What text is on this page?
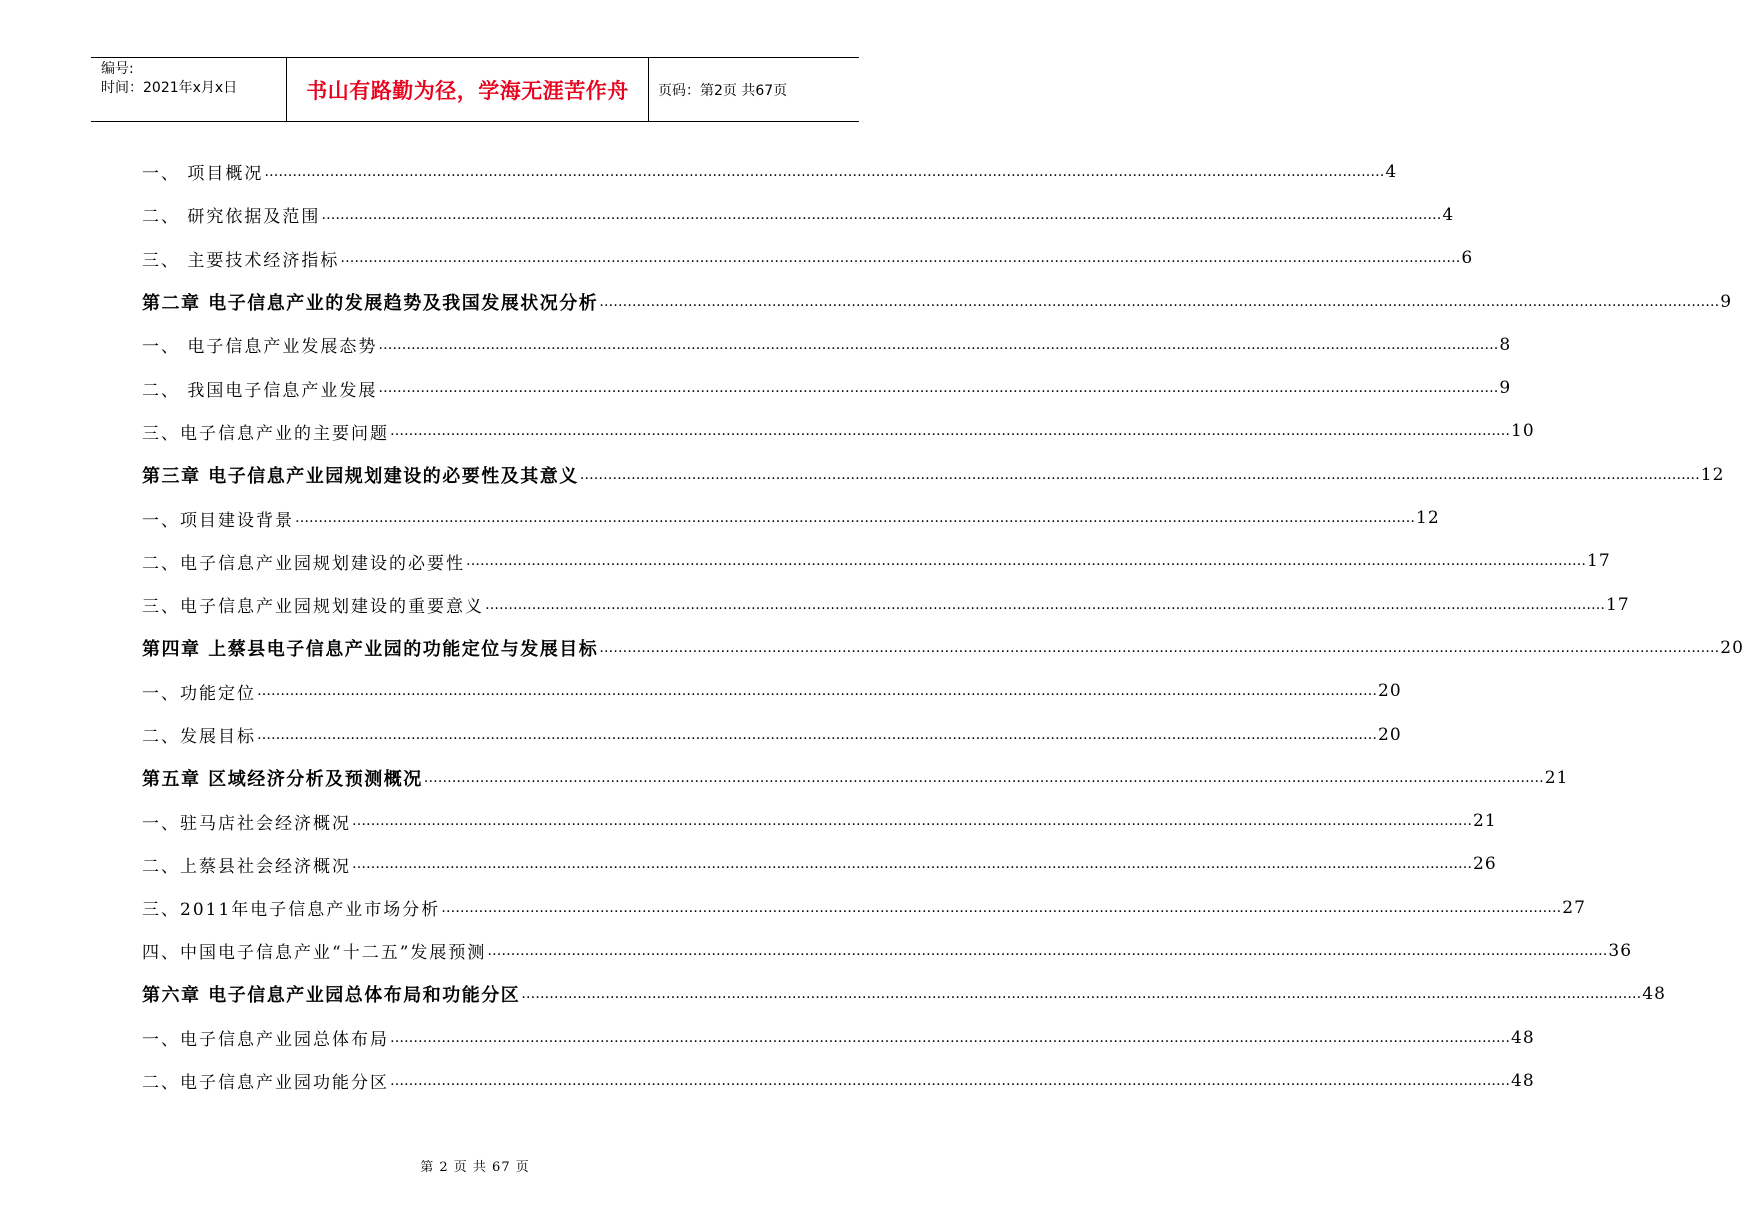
编号:
时间：2021年x月x日	书山有路勤为径，学海无涯苦作舟	页码：第2页 共67页
一、 项目概况 …………………………………………………………………………………………………………………………………………………………………………………………………………………… 4
二、 研究依据及范围 …………………………………………………………………………………………………………………………………………………………………………………………………………………… 4
三、 主要技术经济指标 …………………………………………………………………………………………………………………………………………………………………………………………………………………… 6
第二章 电子信息产业的发展趋势及我国发展状况分析 …………………………………………………………………………………………………………………………………………………………………………………………………………………… 9
一、 电子信息产业发展态势 …………………………………………………………………………………………………………………………………………………………………………………………………………………… 8
二、 我国电子信息产业发展 …………………………………………………………………………………………………………………………………………………………………………………………………………………… 9
三、电子信息产业的主要问题 …………………………………………………………………………………………………………………………………………………………………………………………………………………… 10
第三章 电子信息产业园规划建设的必要性及其意义 …………………………………………………………………………………………………………………………………………………………………………………………………………………… 12
一、项目建设背景 …………………………………………………………………………………………………………………………………………………………………………………………………………………… 12
二、电子信息产业园规划建设的必要性 …………………………………………………………………………………………………………………………………………………………………………………………………………………… 17
三、电子信息产业园规划建设的重要意义 …………………………………………………………………………………………………………………………………………………………………………………………………………………… 17
第四章 上蔡县电子信息产业园的功能定位与发展目标 …………………………………………………………………………………………………………………………………………………………………………………………………………………… 20
一、功能定位 …………………………………………………………………………………………………………………………………………………………………………………………………………………… 20
二、发展目标 …………………………………………………………………………………………………………………………………………………………………………………………………………………… 20
第五章 区域经济分析及预测概况 …………………………………………………………………………………………………………………………………………………………………………………………………………………… 21
一、驻马店社会经济概况 …………………………………………………………………………………………………………………………………………………………………………………………………………………… 21
二、上蔡县社会经济概况 …………………………………………………………………………………………………………………………………………………………………………………………………………………… 26
三、2011年电子信息产业市场分析 …………………………………………………………………………………………………………………………………………………………………………………………………………………… 27
四、中国电子信息产业“十二五”发展预测 …………………………………………………………………………………………………………………………………………………………………………………………………………………… 36
第六章 电子信息产业园总体布局和功能分区 …………………………………………………………………………………………………………………………………………………………………………………………………………………… 48
一、电子信息产业园总体布局 …………………………………………………………………………………………………………………………………………………………………………………………………………………… 48
二、电子信息产业园功能分区 …………………………………………………………………………………………………………………………………………………………………………………………………………………… 48
第 2 页 共 67 页
